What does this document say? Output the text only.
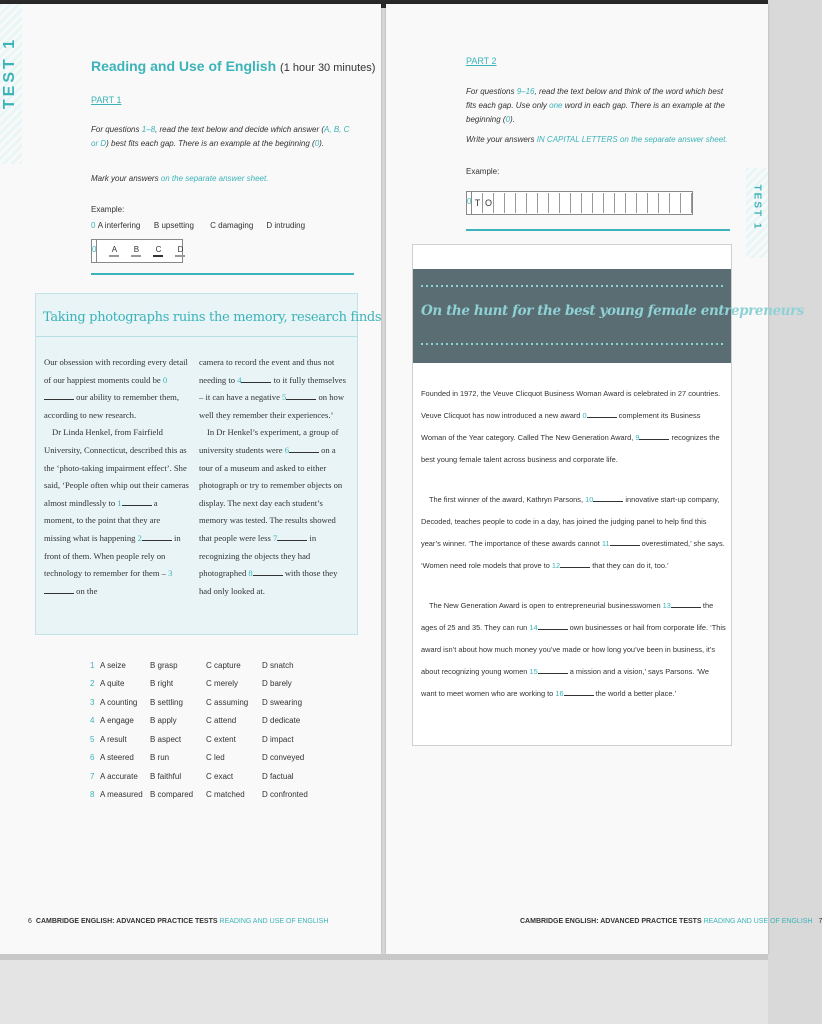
TEST 1	Reading and Use of English (1 hour 30 minutes)
PART 1
For questions 1–8, read the text below and decide which answer (A, B, C or D) best fits each gap. There is an example at the beginning (0).
Mark your answers on the separate answer sheet.
Example:
0 A interfering B upsetting C damaging D intruding
0 A B C D
Taking photographs ruins the memory, research finds

Our obsession with recording every detail of our happiest moments could be 0 our ability to remember them, according to new research.

Dr Linda Henkel, from Fairfield University, Connecticut, described this as the ‘photo-taking impairment effect’. She said, ‘People often whip out their cameras almost mindlessly to 1	a moment, to the point that they are missing what is happening 2	in front of them. When people rely on technology to remember for them – 3 on the

camera to record the event and thus not needing to 4	to it fully themselves – it can have a negative 5	on how well they remember their experiences.’

In Dr Henkel’s experiment, a group of university students were 6	on a tour of a museum and asked to either photograph or try to remember objects on display. The next day each student’s memory was tested. The results showed that people were less 7	in recognizing the objects they had photographed 8	with those they had only looked at.

1 A seize	B grasp	C capture	D snatch
2 A quite	B right	C merely	D barely
3 A counting	B settling	C assuming	D swearing
4 A engage	B apply	C attend	D dedicate
5 A result	B aspect	C extent	D impact
6 A steered	B run	C led	D conveyed
7 A accurate	B faithful	C exact	D factual
8 A measured B compared	C matched	D confronted
6 CAMBRIDGE ENGLISH: ADVANCED PRACTICE TESTS READING AND USE OF ENGLISH
TEST 1
PART 2
For questions 9–16, read the text below and think of the word which best fits each gap. Use only one word in each gap. There is an example at the beginning (0).
Write your answers IN CAPITAL LETTERS on the separate answer sheet.
Example:
0 T O
On the hunt for the best young female entrepreneurs

Founded in 1972, the Veuve Clicquot Business Woman Award is celebrated in 27 countries. Veuve Clicquot has now introduced a new award 0	complement its Business Woman of the Year category. Called The New Generation Award, 9	recognizes the best young female talent across business and corporate life.

The first winner of the award, Kathryn Parsons, 10	innovative start-up company, Decoded, teaches people to code in a day, has joined the judging panel to help find this year’s winner. ‘The importance of these awards cannot 11	overestimated,’ she says. ‘Women need role models that prove to 12	that they can do it, too.’

The New Generation Award is open to entrepreneurial businesswomen 13	the ages of 25 and 35. They can run 14	own businesses or hail from corporate life. ‘This award isn’t about how much money you’ve made or how long you’ve been in business, it’s about recognizing young women 15	a mission and a vision,’ says Parsons. ‘We want to meet women who are working to 16	the world a better place.’

CAMBRIDGE ENGLISH: ADVANCED PRACTICE TESTS READING AND USE OF ENGLISH 7
